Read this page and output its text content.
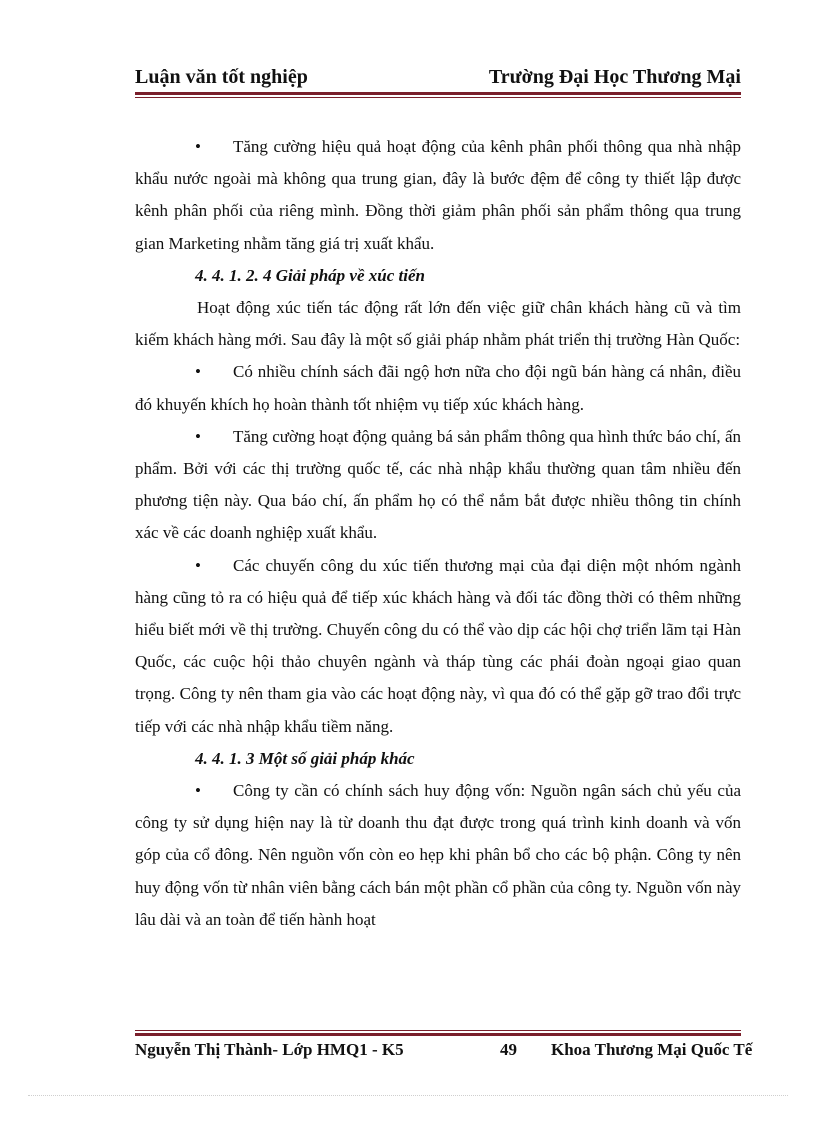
Luận văn tốt nghiệp	Trường Đại Học Thương Mại

• Tăng cường hiệu quả hoạt động của kênh phân phối thông qua nhà nhập khẩu nước ngoài mà không qua trung gian, đây là bước đệm để công ty thiết lập được kênh phân phối của riêng mình. Đồng thời giảm phân phối sản phẩm thông qua trung gian Marketing nhằm tăng giá trị xuất khẩu.

4. 4. 1. 2. 4 Giải pháp về xúc tiến

Hoạt động xúc tiến tác động rất lớn đến việc giữ chân khách hàng cũ và tìm kiếm khách hàng mới. Sau đây là một số giải pháp nhằm phát triển thị trường Hàn Quốc:

• Có nhiều chính sách đãi ngộ hơn nữa cho đội ngũ bán hàng cá nhân, điều đó khuyến khích họ hoàn thành tốt nhiệm vụ tiếp xúc khách hàng.

• Tăng cường hoạt động quảng bá sản phẩm thông qua hình thức báo chí, ấn phẩm. Bởi với các thị trường quốc tế, các nhà nhập khẩu thường quan tâm nhiều đến phương tiện này. Qua báo chí, ấn phẩm họ có thể nắm bắt được nhiều thông tin chính xác về các doanh nghiệp xuất khẩu.

• Các chuyến công du xúc tiến thương mại của đại diện một nhóm ngành hàng cũng tỏ ra có hiệu quả để tiếp xúc khách hàng và đối tác đồng thời có thêm những hiểu biết mới về thị trường. Chuyến công du có thể vào dịp các hội chợ triển lãm tại Hàn Quốc, các cuộc hội thảo chuyên ngành và tháp tùng các phái đoàn ngoại giao quan trọng. Công ty nên tham gia vào các hoạt động này, vì qua đó có thể gặp gỡ trao đổi trực tiếp với các nhà nhập khẩu tiềm năng.

4. 4. 1. 3 Một số giải pháp khác

• Công ty cần có chính sách huy động vốn: Nguồn ngân sách chủ yếu của công ty sử dụng hiện nay là từ doanh thu đạt được trong quá trình kinh doanh và vốn góp của cổ đông. Nên nguồn vốn còn eo hẹp khi phân bổ cho các bộ phận. Công ty nên huy động vốn từ nhân viên bằng cách bán một phần cổ phần của công ty. Nguồn vốn này lâu dài và an toàn để tiến hành hoạt

Nguyễn Thị Thành- Lớp HMQ1 - K5	49 Khoa Thương Mại Quốc Tế
